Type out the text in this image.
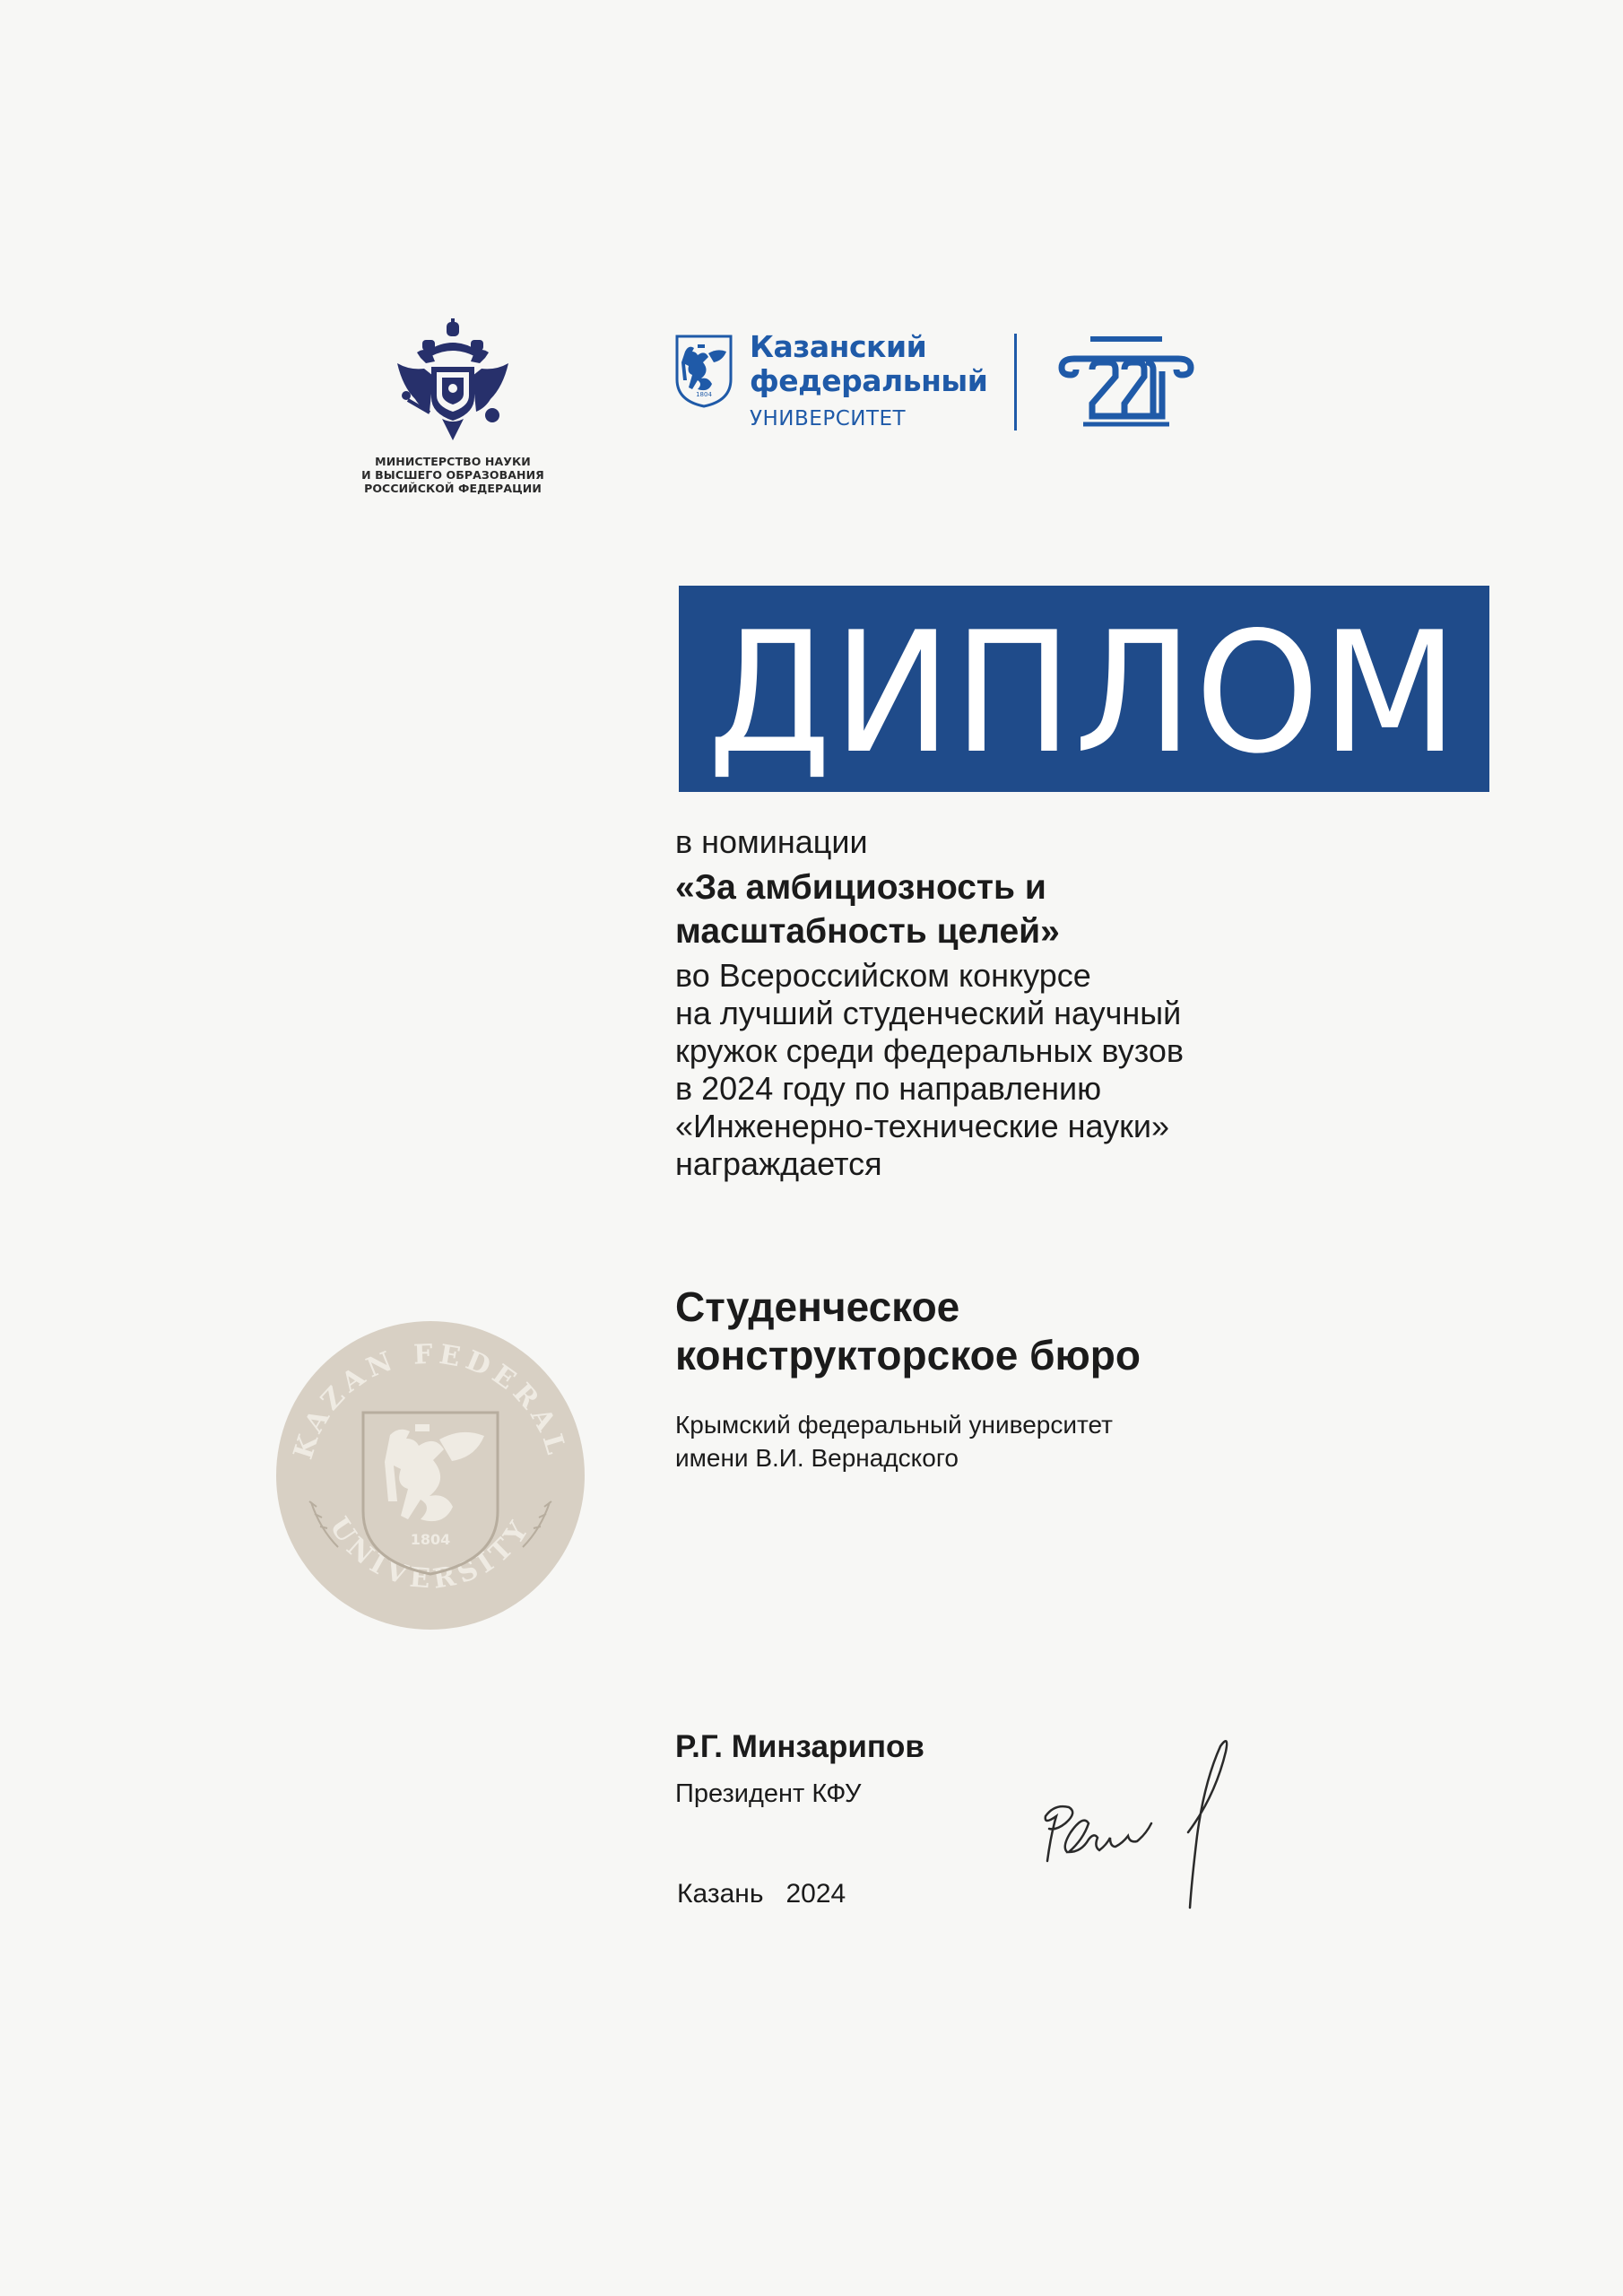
МИНИСТЕРСТВО НАУКИ
И ВЫСШЕГО ОБРАЗОВАНИЯ
РОССИЙСКОЙ ФЕДЕРАЦИИ
1804
Казанский
федеральный
УНИВЕРСИТЕТ
ДИПЛОМ
в номинации
«За амбициозность и
масштабность целей»
во Всероссийском конкурсе
на лучший студенческий научный
кружок среди федеральных вузов
в 2024 году по направлению
«Инженерно-технические науки»
награждается
Студенческое
конструкторское бюро
Крымский федеральный университет
имени В.И. Вернадского
KAZAN FEDERAL
UNIVERSITY
1804
Р.Г. Минзарипов
Президент КФУ
Казань   2024
